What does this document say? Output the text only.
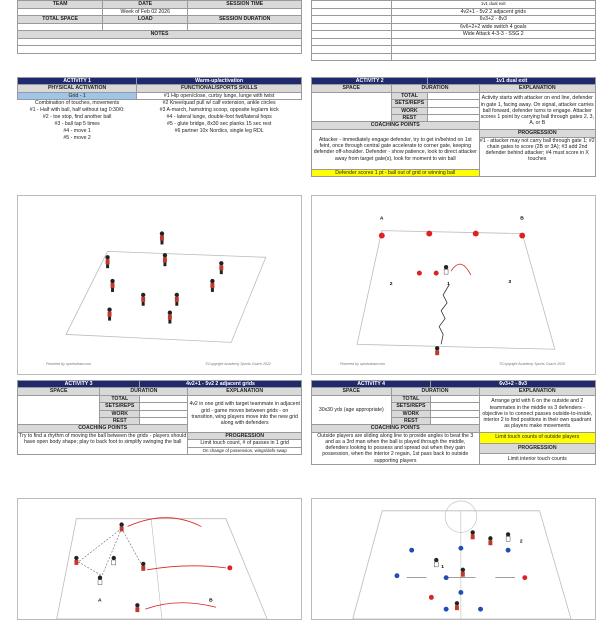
TEAM	DATE	SESSION TIME
	Week of Feb 02 2026	
TOTAL SPACE	LOAD	SESSION DURATION

NOTES		

	1v1 dual exit
	4v2+1 - 5v2 2 adjacent grids
	6v3+2 - 8v3
	6v6+2+2 wide switch 4 goals
	Wide Attack 4-3-3 - SSG 2

ACTIVITY 1	Warm-up/activation
PHYSICAL ACTIVATION	FUNCTIONAL/SPORTS SKILLS
Grid - 1	#1 Hip open/close, curtsy lunge, lunge with twist
Combination of touches, movements	#2 Knee/quad pull w/ calf extension, ankle circles
#1 - Half with ball, half without tag 0:30/0:	#3 A-march, hamstring scoop, opposite leg/arm kick
#2 - toe stop, find another ball	#4 - lateral lunge, double-foot fwd/lateral hops
#3 - ball tap 5 times	#5 - glute bridge, 8x30 sec planks 15 sec rest
#4 - move 1	#6 partner 10x Nordics, single leg RDL
#5 - move 2	
Powered by sportsdraw.com	©Copyright Academy Sports Coach 2022
ACTIVITY 2		1v1 dual exit	
SPACE	DURATION		EXPLANATION
	TOTAL		Activity starts with attacker on end line, defender in gate 1, facing away. On signal, attacker carries ball forward, defender turns to engage. Attacker scores 1 point by carrying ball through gates 2, 3, A, or B
	SETS/REPS		
	WORK		
	REST		
COACHING POINTS			
Attacker - immediately engage defender, try to get in/behind on 1st feint, once through central gate accelerate to corner gate, keeping defender off-shoulder. Defender - show patience, look to direct attacker away from target gate(s), look for moment to win ball			PROGRESSION
#1 - attacker may not carry ball through gate 1; #2 chain gates to score (2B or 3A); #3 add 2nd defender behind attacker; #4 must score in X touches

Defender scores 1 pt - ball out of grid or winning ball			
A	B
1
2	3
Powered by sportsdraw.com	©Copyright Academy Sports Coach 2020
ACTIVITY 3		4v2+1 - 5v2 2 adjacent grids	
SPACE	DURATION		EXPLANATION
	TOTAL		4v2 in one grid with target teammate in adjacent grid - game moves between grids - on transition, wing players move into the new grid along with defenders
	SETS/REPS		
	WORK		
	REST		
COACHING POINTS			
Try to find a rhythm of moving the ball between the grids - players should have open body shape; play to back foot to simplify swinging the ball			
			PROGRESSION
			Limit touch count, # of passes in 1 grid
			On change of possession, wings/defs swap
A	B
ACTIVITY 4		6v3+2 - 8v3	
SPACE	DURATION		EXPLANATION
30x30 yds (age appropriate)	TOTAL		Arrange grid with 6 on the outside and 2 teammates in the middle vs 3 defenders - objective is to connect passes outside-to-inside, interior 2 to find positions in their own quadrant as players make movements
	SETS/REPS		
	WORK		
	REST		
COACHING POINTS			
Outside players are sliding along line to provide angles to beat the 3 and as a 3rd man when the ball is played through the middle, defenders looking to possess and spread out when they gain possession, when the interior 2 regain, 1st pass back to outside supporting players			
			Limit touch counts of outside players
			PROGRESSION
			Limit interior touch counts
2
1
